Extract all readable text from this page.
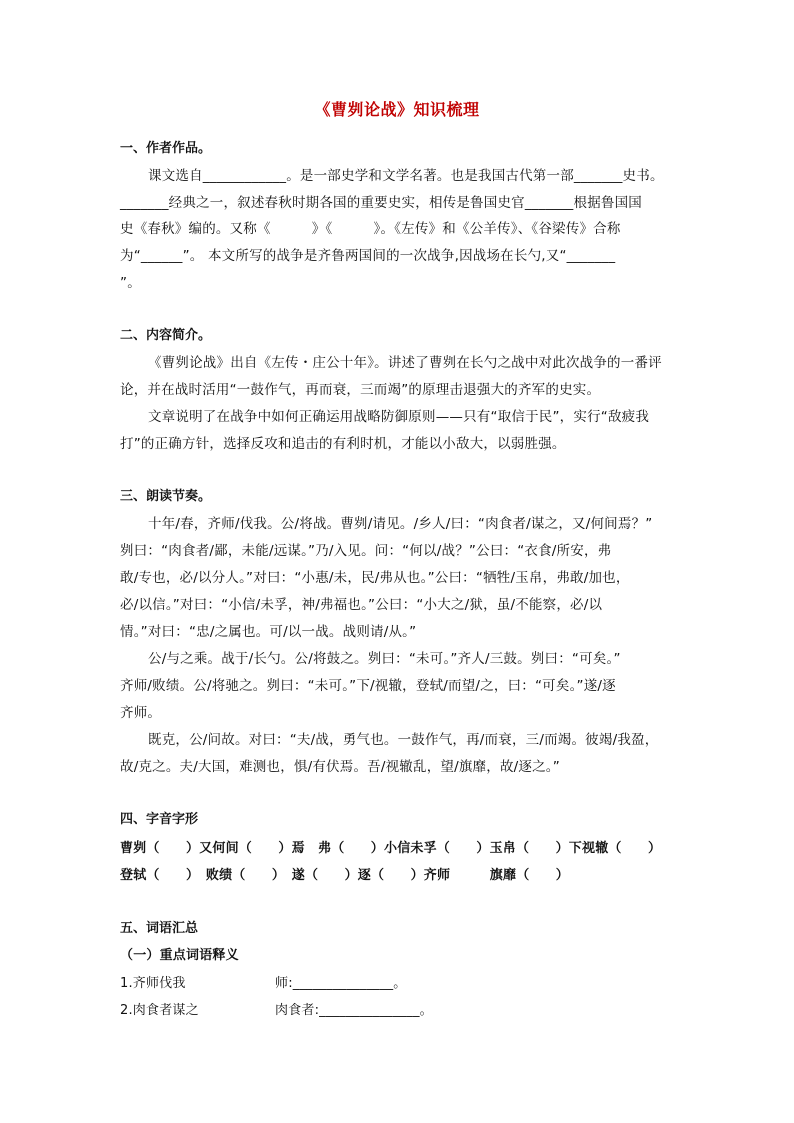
《曹刿论战》知识梳理
一、作者作品。
课文选自____________。是一部史学和文学名著。也是我国古代第一部_______史书。
_______经典之一，叙述春秋时期各国的重要史实，相传是鲁国史官_______根据鲁国国
史《春秋》编的。又称《　　　》《　　　》。《左传》和《公羊传》、《谷梁传》合称
为“______”。 本文所写的战争是齐鲁两国间的一次战争,因战场在长勺,又“_______
”。
二、内容简介。
《曹刿论战》出自《左传・庄公十年》。讲述了曹刿在长勺之战中对此次战争的一番评
论，并在战时活用“一鼓作气，再而衰，三而竭”的原理击退强大的齐军的史实。
文章说明了在战争中如何正确运用战略防御原则——只有“取信于民”，实行“敌疲我
打”的正确方针，选择反攻和追击的有利时机，才能以小敌大，以弱胜强。
三、朗读节奏。
十年/春，齐师/伐我。公/将战。曹刿/请见。/乡人/曰：“肉食者/谋之，又/何间焉？”
刿曰：“肉食者/鄙，未能/远谋。”乃/入见。问：“何以/战？”公曰：“衣食/所安，弗
敢/专也，必/以分人。”对曰：“小惠/未，民/弗从也。”公曰：“牺牲/玉帛，弗敢/加也，
必/以信。”对曰：“小信/未孚，神/弗福也。”公曰：“小大之/狱，虽/不能察，必/以
情。”对曰：“忠/之属也。可/以一战。战则请/从。”
公/与之乘。战于/长勺。公/将鼓之。刿曰：“未可。”齐人/三鼓。刿曰：“可矣。”
齐师/败绩。公/将驰之。刿曰：“未可。”下/视辙，登轼/而望/之，曰：“可矣。”遂/逐
齐师。
既克，公/问故。对曰：“夫/战，勇气也。一鼓作气，再/而衰，三/而竭。彼竭/我盈，
故/克之。夫/大国，难测也，惧/有伏焉。吾/视辙乱，望/旗靡，故/逐之。”
四、字音字形
曹刿（　　）又何间（　　）焉　弗（　　）小信未孚（　　）玉帛（　　）下视辙（　　）
登轼（　　）　败绩（　　）　遂（　　）逐（　　）齐师　　　旗靡（　　）
五、词语汇总
（一）重点词语释义
1.齐师伐我	师:_______________。
2.肉食者谋之	肉食者:_______________。
